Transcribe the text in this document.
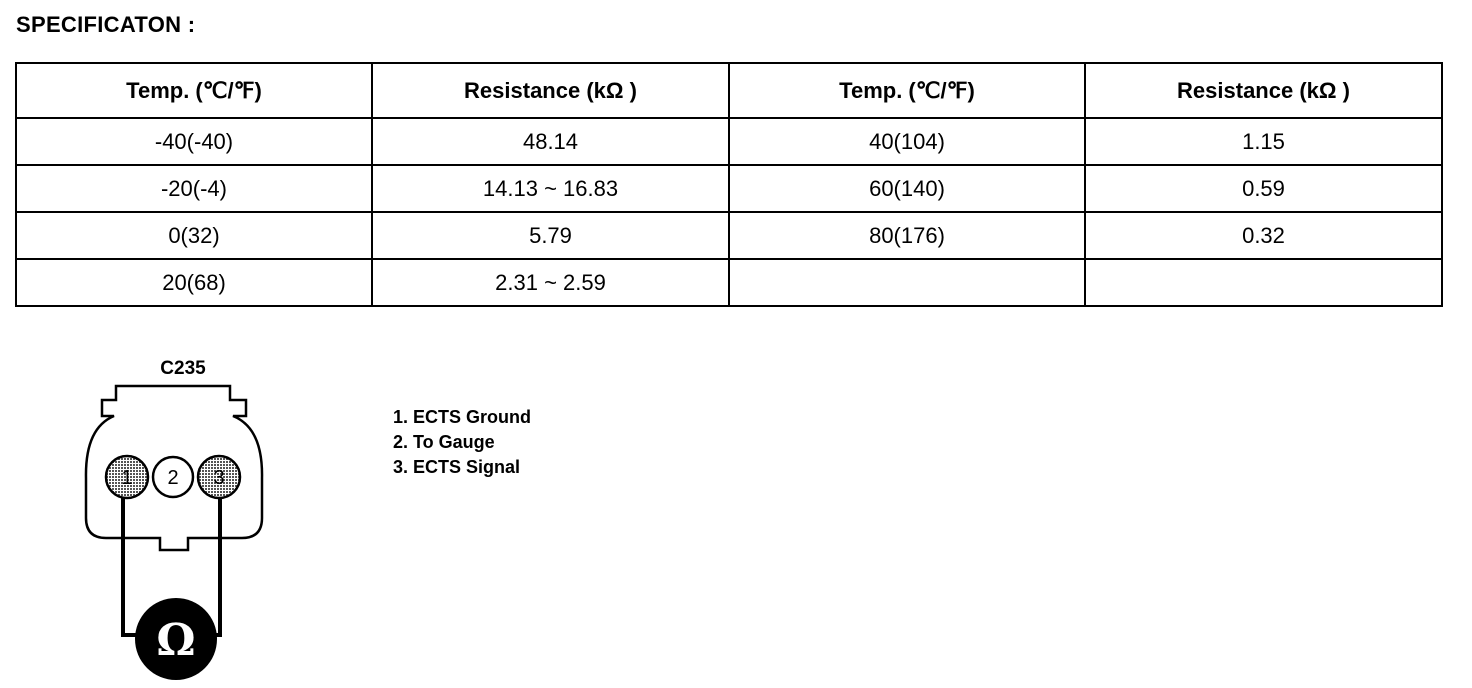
SPECIFICATON :
Temp. (℃/℉)	Resistance (kΩ )	Temp. (℃/℉)	Resistance (kΩ )
-40(-40)	48.14	40(104)	1.15
-20(-4)	14.13 ~ 16.83	60(140)	0.59
0(32)	5.79	80(176)	0.32
20(68)	2.31 ~ 2.59		
C235
1 2 3
Ω
1. ECTS Ground
2. To Gauge
3. ECTS Signal
